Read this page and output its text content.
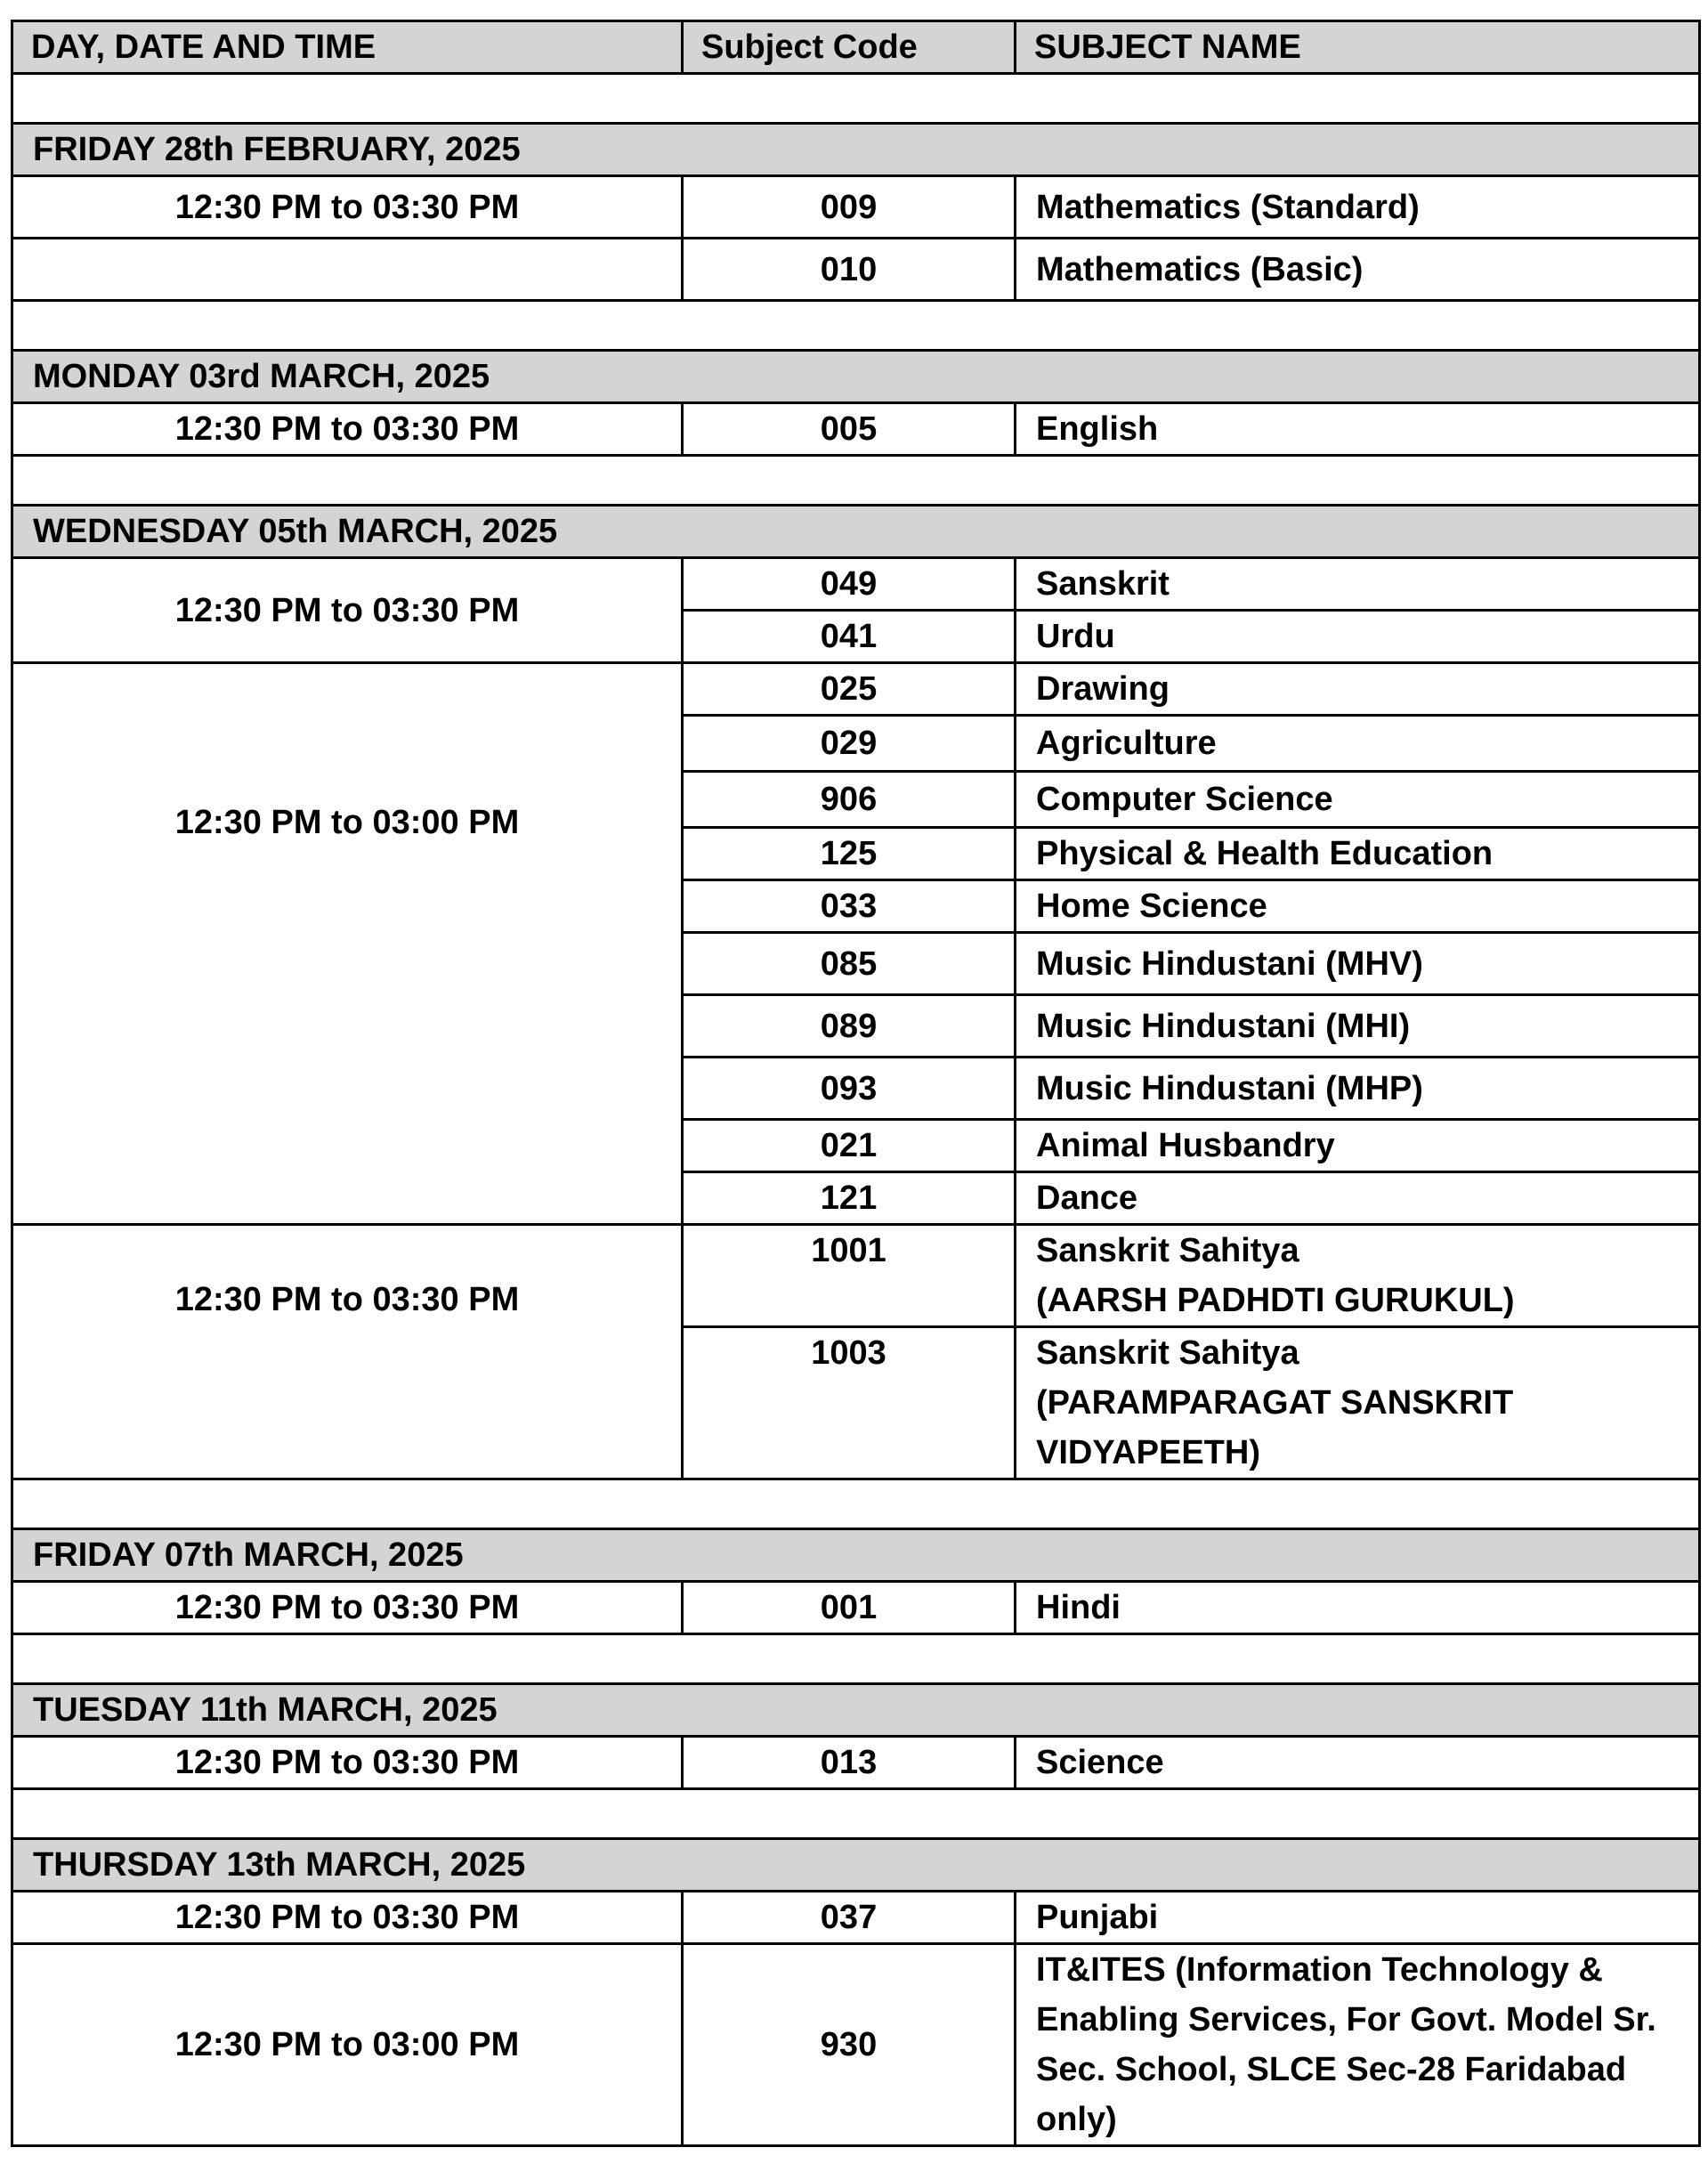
DAY, DATE AND TIME	Subject Code	SUBJECT NAME

FRIDAY 28th FEBRUARY, 2025		
12:30 PM to 03:30 PM	009	Mathematics (Standard)
	010	Mathematics (Basic)

MONDAY 03rd MARCH, 2025		
12:30 PM to 03:30 PM	005	English

WEDNESDAY 05th MARCH, 2025		
12:30 PM to 03:30 PM	049	Sanskrit
	041	Urdu
12:30 PM to 03:00 PM	025	Drawing
	029	Agriculture
	906	Computer Science
	125	Physical & Health Education
	033	Home Science
	085	Music Hindustani (MHV)
	089	Music Hindustani (MHI)
	093	Music Hindustani (MHP)
	021	Animal Husbandry
	121	Dance
12:30 PM to 03:30 PM	1001	Sanskrit Sahitya
(AARSH PADHDTI GURUKUL)

	1003	Sanskrit Sahitya
(PARAMPARAGAT SANSKRIT
VIDYAPEETH)

FRIDAY 07th MARCH, 2025		
12:30 PM to 03:30 PM	001	Hindi

TUESDAY 11th MARCH, 2025		
12:30 PM to 03:30 PM	013	Science

THURSDAY 13th MARCH, 2025		
12:30 PM to 03:30 PM	037	Punjabi
12:30 PM to 03:00 PM	930	IT&ITES (Information Technology &
Enabling Services, For Govt. Model Sr.
Sec. School, SLCE Sec-28 Faridabad
only)
